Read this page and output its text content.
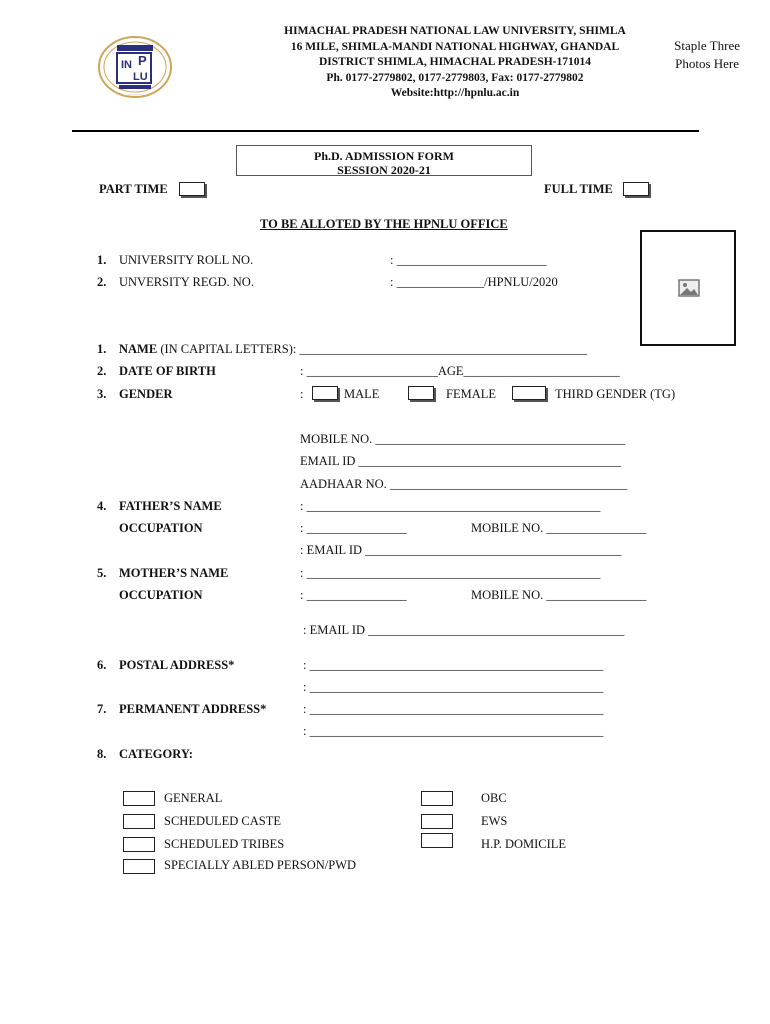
IN
LU
P
............
HIMACHAL PRADESH NATIONAL LAW UNIVERSITY, SHIMLA
16 MILE, SHIMLA-MANDI NATIONAL HIGHWAY, GHANDAL
DISTRICT SHIMLA, HIMACHAL PRADESH-171014
Ph. 0177-2779802, 0177-2779803, Fax: 0177-2779802
Website:http://hpnlu.ac.in
Staple Three
Photos Here
Ph.D. ADMISSION FORM
SESSION 2020-21
PART TIME	FULL TIME
TO BE ALLOTED BY THE HPNLU OFFICE
1. UNIVERSITY ROLL NO.	: ________________________
2. UNVERSITY REGD. NO.	: ______________/HPNLU/2020
1. NAME (IN CAPITAL LETTERS): ______________________________________________
2. DATE OF BIRTH	: _____________________AGE_________________________
3. GENDER	:	MALE	FEMALE	THIRD GENDER (TG)
MOBILE NO. ________________________________________
EMAIL ID __________________________________________
AADHAAR NO. ______________________________________
4. FATHER’S NAME	: _______________________________________________
OCCUPATION	: ________________	MOBILE NO. ________________
: EMAIL ID _________________________________________
5. MOTHER’S NAME	: _______________________________________________
OCCUPATION	: ________________	MOBILE NO. ________________
: EMAIL ID _________________________________________
6. POSTAL ADDRESS*	: _______________________________________________
: _______________________________________________
7. PERMANENT ADDRESS*	: _______________________________________________
: _______________________________________________
8. CATEGORY:
GENERAL
SCHEDULED CASTE
SCHEDULED TRIBES
SPECIALLY ABLED PERSON/PWD
OBC
EWS
H.P. DOMICILE
